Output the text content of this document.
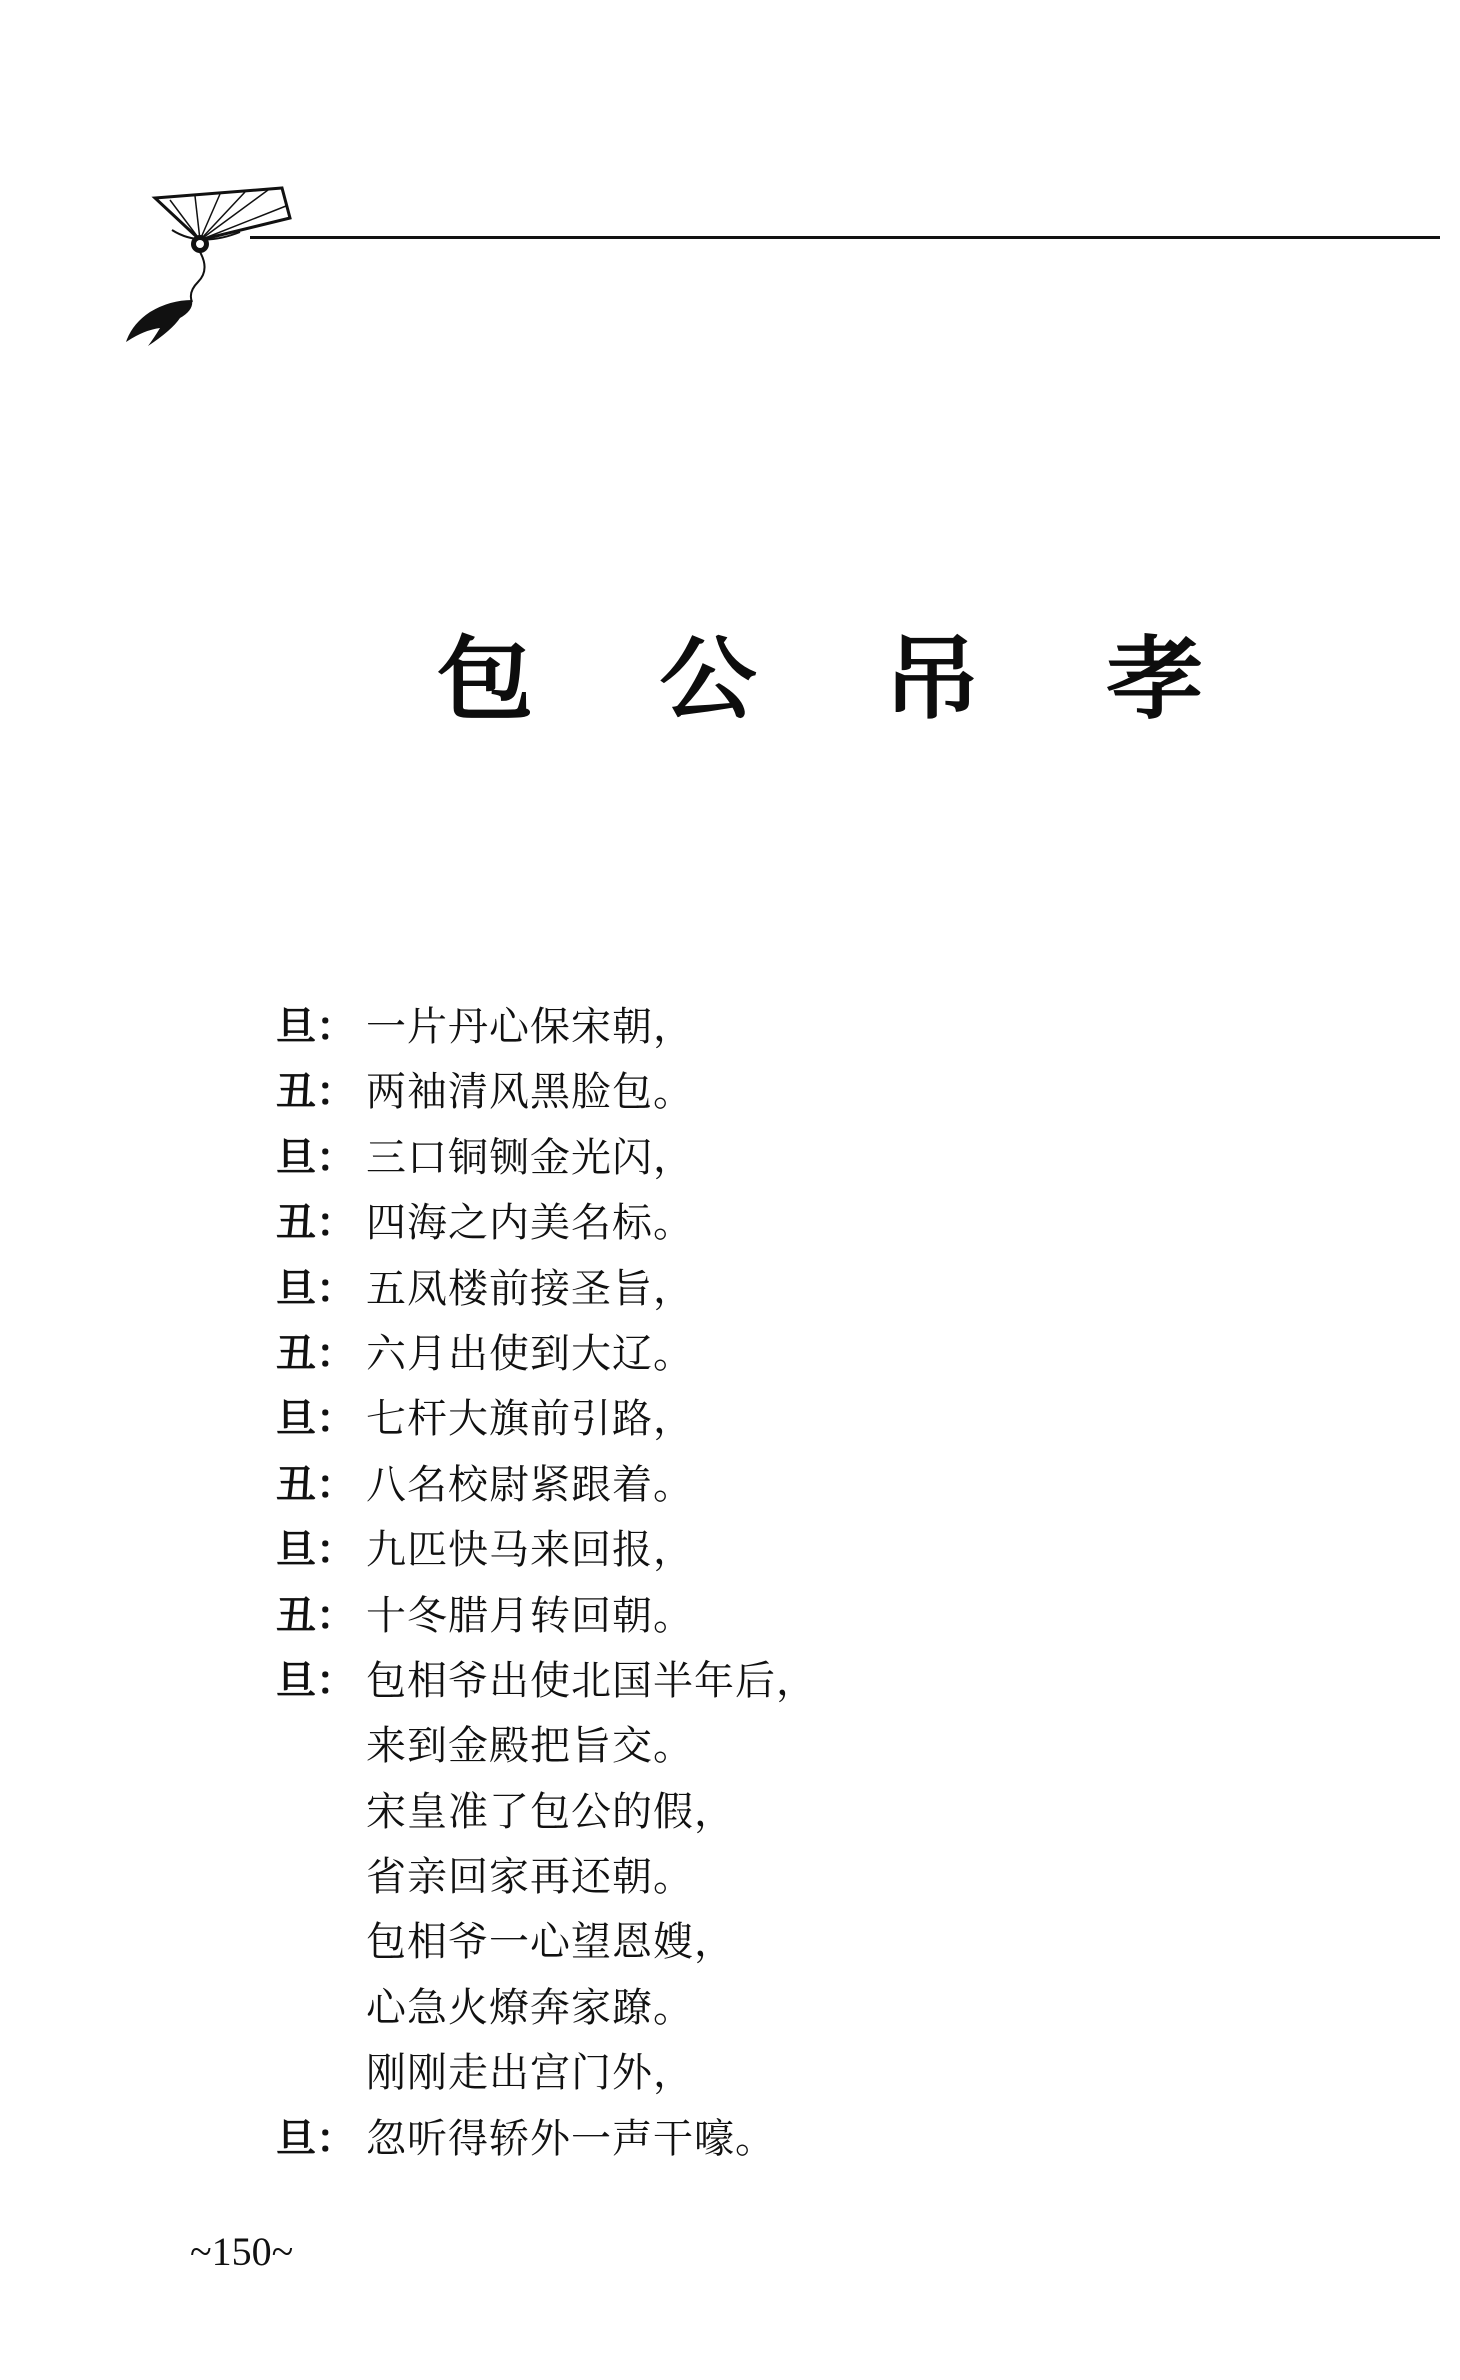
包 公 吊 孝
旦： 一片丹心保宋朝，
丑： 两袖清风黑脸包。
旦： 三口铜铡金光闪，
丑： 四海之内美名标。
旦： 五凤楼前接圣旨，
丑： 六月出使到大辽。
旦： 七杆大旗前引路，
丑： 八名校尉紧跟着。
旦： 九匹快马来回报，
丑： 十冬腊月转回朝。
旦： 包相爷出使北国半年后，
来到金殿把旨交。
宋皇准了包公的假，
省亲回家再还朝。
包相爷一心望恩嫂，
心急火燎奔家蹽。
刚刚走出宫门外，
旦： 忽听得轿外一声干嚎。
~150~
